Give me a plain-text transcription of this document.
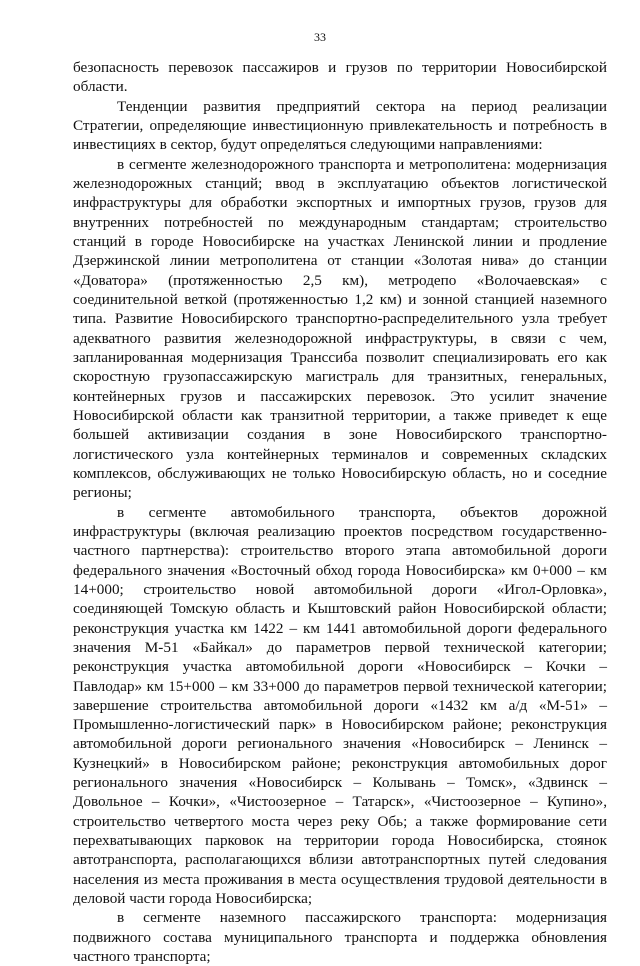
33

безопасность перевозок пассажиров и грузов по территории Новосибирской области.

Тенденции развития предприятий сектора на период реализации Стратегии, определяющие инвестиционную привлекательность и потребность в инвестициях в сектор, будут определяться следующими направлениями:

в сегменте железнодорожного транспорта и метрополитена: модернизация железнодорожных станций; ввод в эксплуатацию объектов логистической инфраструктуры для обработки экспортных и импортных грузов, грузов для внутренних потребностей по международным стандартам; строительство станций в городе Новосибирске на участках Ленинской линии и продление Дзержинской линии метрополитена от станции «Золотая нива» до станции «Доватора» (протяженностью 2,5 км), метродепо «Волочаевская» с соединительной веткой (протяженностью 1,2 км) и зонной станцией наземного типа. Развитие Новосибирского транспортно-распределительного узла требует адекватного развития железнодорожной инфраструктуры, в связи с чем, запланированная модернизация Транссиба позволит специализировать его как скоростную грузопассажирскую магистраль для транзитных, генеральных, контейнерных грузов и пассажирских перевозок. Это усилит значение Новосибирской области как транзитной территории, а также приведет к еще большей активизации создания в зоне Новосибирского транспортно-логистического узла контейнерных терминалов и современных складских комплексов, обслуживающих не только Новосибирскую область, но и соседние регионы;

в сегменте автомобильного транспорта, объектов дорожной инфраструктуры (включая реализацию проектов посредством государственно-частного партнерства): строительство второго этапа автомобильной дороги федерального значения «Восточный обход города Новосибирска» км 0+000 – км 14+000; строительство новой автомобильной дороги «Игол-Орловка», соединяющей Томскую область и Кыштовский район Новосибирской области; реконструкция участка км 1422 – км 1441 автомобильной дороги федерального значения М-51 «Байкал» до параметров первой технической категории; реконструкция участка автомобильной дороги «Новосибирск – Кочки – Павлодар» км 15+000 – км 33+000 до параметров первой технической категории; завершение строительства автомобильной дороги «1432 км а/д «М-51» – Промышленно-логистический парк» в Новосибирском районе; реконструкция автомобильной дороги регионального значения «Новосибирск – Ленинск – Кузнецкий» в Новосибирском районе; реконструкция автомобильных дорог регионального значения «Новосибирск – Колывань – Томск», «Здвинск – Довольное – Кочки», «Чистоозерное – Татарск», «Чистоозерное – Купино», строительство четвертого моста через реку Обь; а также формирование сети перехватывающих парковок на территории города Новосибирска, стоянок автотранспорта, располагающихся вблизи автотранспортных путей следования населения из места проживания в места осуществления трудовой деятельности в деловой части города Новосибирска;

в сегменте наземного пассажирского транспорта: модернизация подвижного состава муниципального транспорта и поддержка обновления частного транспорта;
